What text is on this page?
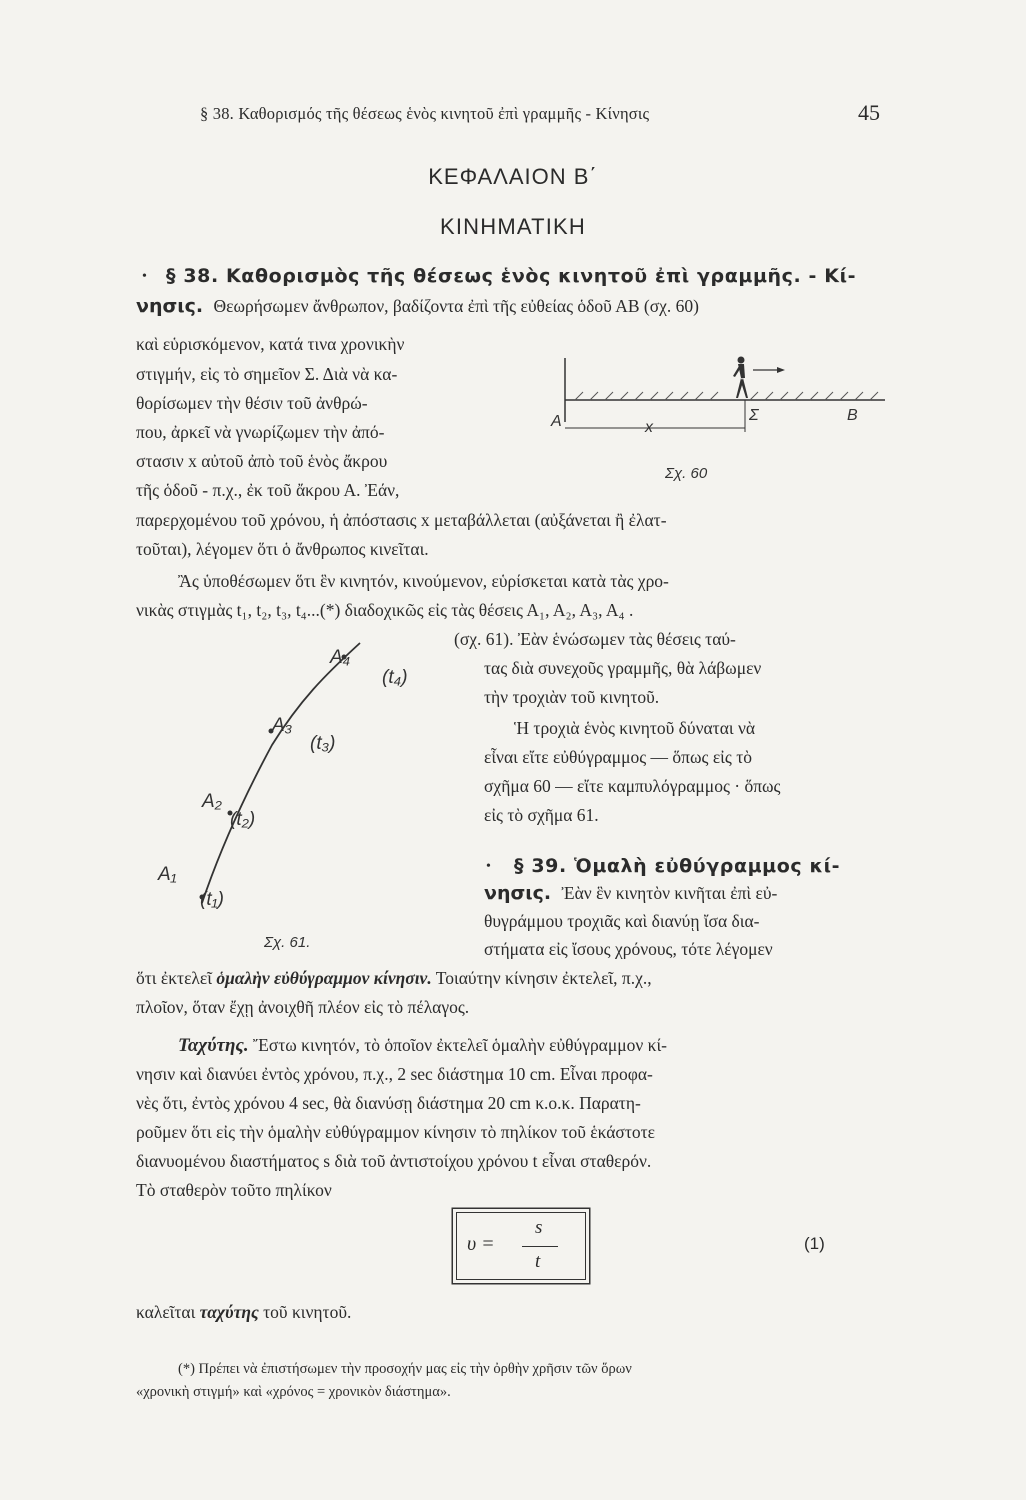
§ 38. Καθορισμός τῆς θέσεως ἑνὸς κινητοῦ ἐπὶ γραμμῆς - Κίνησις	45
ΚΕΦΑΛΑΙΟΝ Β΄
ΚΙΝΗΜΑΤΙΚΗ
• § 38. Καθορισμὸς τῆς θέσεως ἑνὸς κινητοῦ ἐπὶ γραμμῆς. - Κί-
νησις. Θεωρήσωμεν ἄνθρωπον, βαδίζοντα ἐπὶ τῆς εὐθείας ὁδοῦ ΑΒ (σχ. 60)
καὶ εὑρισκόμενον, κατά τινα χρονικὴν
στιγμήν, εἰς τὸ σημεῖον Σ. Διὰ νὰ κα-
θορίσωμεν τὴν θέσιν τοῦ ἀνθρώ-
που, ἀρκεῖ νὰ γνωρίζωμεν τὴν ἀπό-
στασιν x αὐτοῦ ἀπὸ τοῦ ἑνὸς ἄκρου
τῆς ὁδοῦ - π.χ., ἐκ τοῦ ἄκρου Α. Ἐάν,
παρερχομένου τοῦ χρόνου, ἡ ἀπόστασις x μεταβάλλεται (αὐξάνεται ἢ ἐλατ-
τοῦται), λέγομεν ὅτι ὁ ἄνθρωπος κινεῖται.
Ἂς ὑποθέσωμεν ὅτι ἓν κινητόν, κινούμενον, εὑρίσκεται κατὰ τὰς χρο-
νικὰς στιγμὰς t₁, t₂, t₃, t₄...(*) διαδοχικῶς εἰς τὰς θέσεις Α₁, Α₂, Α₃, Α₄ .
(σχ. 61). Ἐὰν ἑνώσωμεν τὰς θέσεις ταύ-
τας διὰ συνεχοῦς γραμμῆς, θὰ λάβωμεν
τὴν τροχιὰν τοῦ κινητοῦ.
Ἡ τροχιὰ ἑνὸς κινητοῦ δύναται νὰ
εἶναι εἴτε εὐθύγραμμος — ὅπως εἰς τὸ
σχῆμα 60 — εἴτε καμπυλόγραμμος · ὅπως
εἰς τὸ σχῆμα 61.
A	B
Σ
x
Σχ. 60
A₁
(t₁)
A₂
(t₂)
A₃
(t₃)
A₄
(t₄)
Σχ. 61.
• § 39. Ὁμαλὴ εὐθύγραμμος κί-
νησις. Ἐὰν ἓν κινητὸν κινῆται ἐπὶ εὐ-
θυγράμμου τροχιᾶς καὶ διανύῃ ἴσα δια-
στήματα εἰς ἴσους χρόνους, τότε λέγομεν
ὅτι ἐκτελεῖ ὁμαλὴν εὐθύγραμμον κίνησιν. Τοιαύτην κίνησιν ἐκτελεῖ, π.χ.,
πλοῖον, ὅταν ἔχῃ ἀνοιχθῆ πλέον εἰς τὸ πέλαγος.
Ταχύτης. Ἔστω κινητόν, τὸ ὁποῖον ἐκτελεῖ ὁμαλὴν εὐθύγραμμον κί-
νησιν καὶ διανύει ἐντὸς χρόνου, π.χ., 2 sec διάστημα 10 cm. Εἶναι προφα-
νὲς ὅτι, ἐντὸς χρόνου 4 sec, θὰ διανύσῃ διάστημα 20 cm κ.ο.κ. Παρατη-
ροῦμεν ὅτι εἰς τὴν ὁμαλὴν εὐθύγραμμον κίνησιν τὸ πηλίκον τοῦ ἑκάστοτε
διανυομένου διαστήματος s διὰ τοῦ ἀντιστοίχου χρόνου t εἶναι σταθερόν.
Τὸ σταθερὸν τοῦτο πηλίκον
υ =
s
t
(1)
καλεῖται ταχύτης τοῦ κινητοῦ.
(*) Πρέπει νὰ ἐπιστήσωμεν τὴν προσοχήν μας εἰς τὴν ὀρθὴν χρῆσιν τῶν ὅρων
«χρονικὴ στιγμή» καὶ «χρόνος = χρονικὸν διάστημα».
